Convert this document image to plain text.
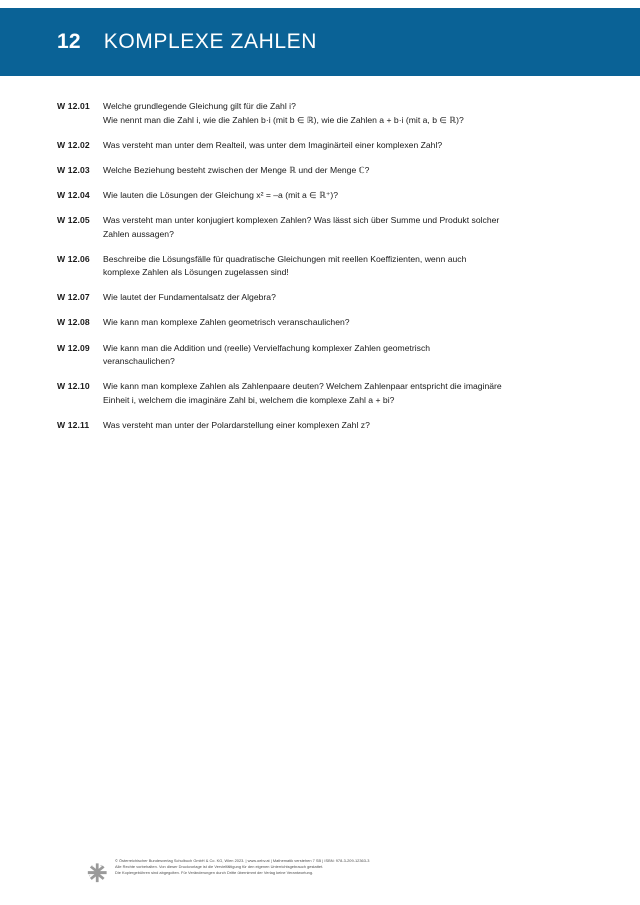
12 KOMPLEXE ZAHLEN
W 12.01	Welche grundlegende Gleichung gilt für die Zahl i?
Wie nennt man die Zahl i, wie die Zahlen b·i (mit b ∈ ℝ), wie die Zahlen a + b·i (mit a, b ∈ ℝ)?
W 12.02	Was versteht man unter dem Realteil, was unter dem Imaginärteil einer komplexen Zahl?
W 12.03	Welche Beziehung besteht zwischen der Menge ℝ und der Menge ℂ?
W 12.04	Wie lauten die Lösungen der Gleichung x² = –a (mit a ∈ ℝ⁺)?
W 12.05	Was versteht man unter konjugiert komplexen Zahlen? Was lässt sich über Summe und Produkt solcher
Zahlen aussagen?
W 12.06	Beschreibe die Lösungsfälle für quadratische Gleichungen mit reellen Koeffizienten, wenn auch
komplexe Zahlen als Lösungen zugelassen sind!
W 12.07	Wie lautet der Fundamentalsatz der Algebra?
W 12.08	Wie kann man komplexe Zahlen geometrisch veranschaulichen?
W 12.09	Wie kann man die Addition und (reelle) Vervielfachung komplexer Zahlen geometrisch
veranschaulichen?
W 12.10	Wie kann man komplexe Zahlen als Zahlenpaare deuten? Welchem Zahlenpaar entspricht die imaginäre
Einheit i, welchem die imaginäre Zahl bi, welchem die komplexe Zahl a + bi?
W 12.11	Was versteht man unter der Polardarstellung einer komplexen Zahl z?
© Österreichischer Bundesverlag Schulbuch GmbH & Co. KG, Wien 2023. | www.oebv.at | Mathematik verstehen 7 SB | ISBN: 978-3-209-12363-3
Alle Rechte vorbehalten. Von dieser Druckvorlage ist die Vervielfältigung für den eigenen Unterrichtsgebrauch gestattet.
Die Kopiergebühren sind abgegolten. Für Veränderungen durch Dritte übernimmt der Verlag keine Verantwortung.
